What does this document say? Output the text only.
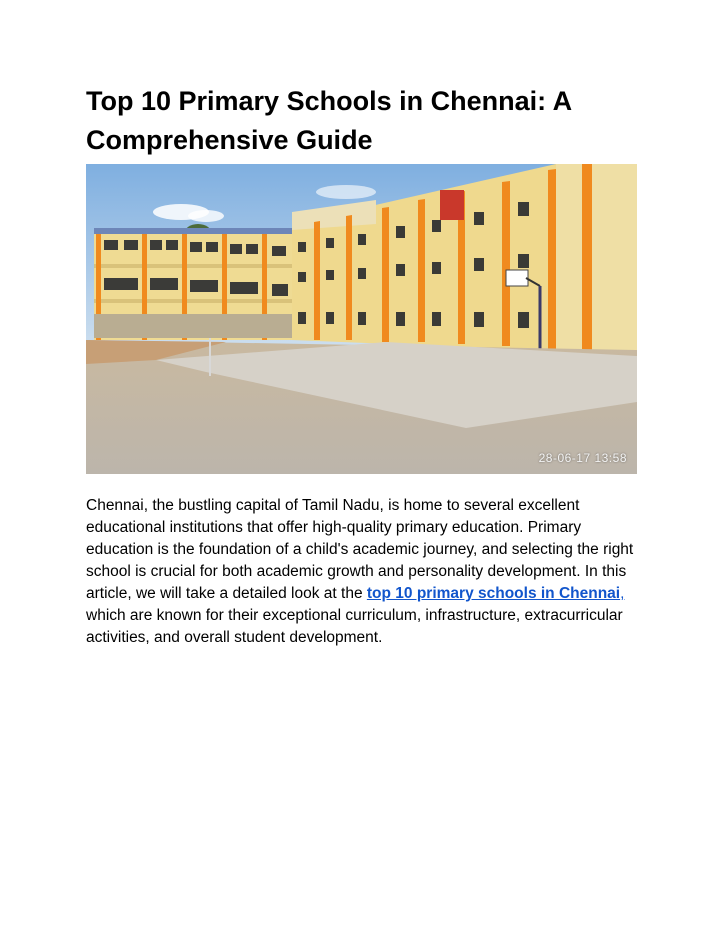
Top 10 Primary Schools in Chennai: A Comprehensive Guide
28-06-17 13:58

Chennai, the bustling capital of Tamil Nadu, is home to several excellent educational institutions that offer high-quality primary education. Primary education is the foundation of a child's academic journey, and selecting the right school is crucial for both academic growth and personality development. In this article, we will take a detailed look at the top 10 primary schools in Chennai, which are known for their exceptional curriculum, infrastructure, extracurricular activities, and overall student development.
